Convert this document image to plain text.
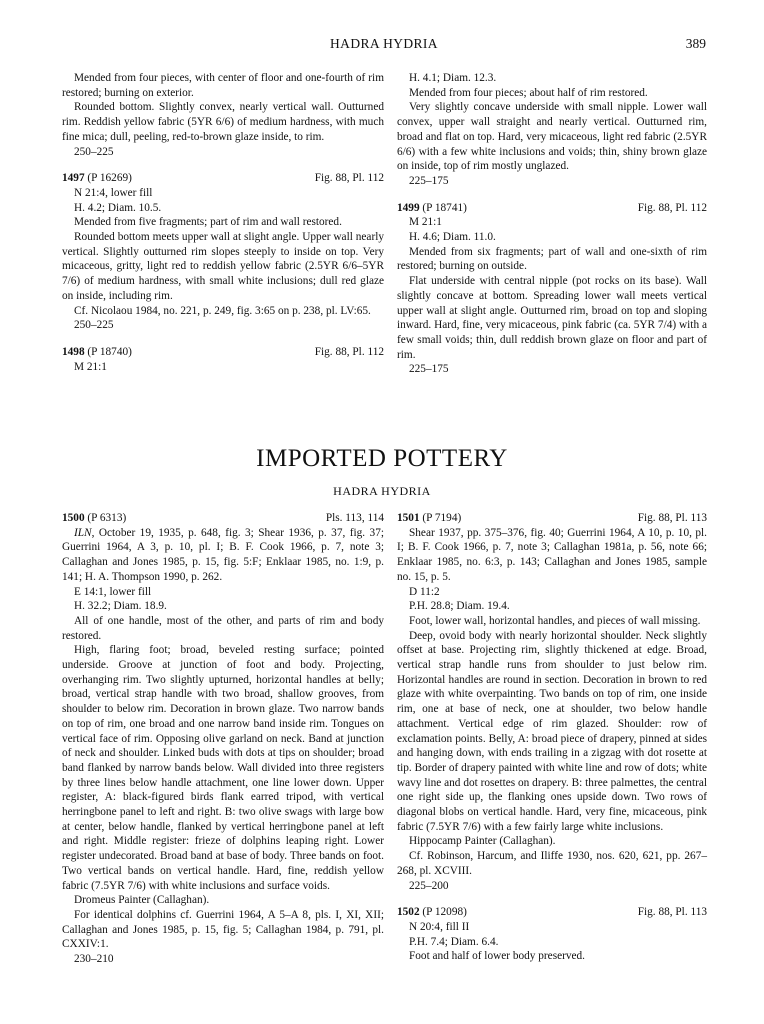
HADRA HYDRIA	389

Mended from four pieces, with center of floor and one-fourth of rim restored; burning on exterior.

Rounded bottom. Slightly convex, nearly vertical wall. Outturned rim. Reddish yellow fabric (5YR 6/6) of medium hardness, with much fine mica; dull, peeling, red-to-brown glaze inside, to rim.

250–225

1497 (P 16269)	Fig. 88, Pl. 112

N 21:4, lower fill

H. 4.2; Diam. 10.5.

Mended from five fragments; part of rim and wall restored.

Rounded bottom meets upper wall at slight angle. Upper wall nearly vertical. Slightly outturned rim slopes steeply to inside on top. Very micaceous, gritty, light red to reddish yellow fabric (2.5YR 6/6–5YR 7/6) of medium hardness, with small white inclusions; dull red glaze on inside, including rim.

Cf. Nicolaou 1984, no. 221, p. 249, fig. 3:65 on p. 238, pl. LV:65.

250–225

1498 (P 18740)	Fig. 88, Pl. 112

M 21:1

H. 4.1; Diam. 12.3.

Mended from four pieces; about half of rim restored.

Very slightly concave underside with small nipple. Lower wall convex, upper wall straight and nearly vertical. Outturned rim, broad and flat on top. Hard, very micaceous, light red fabric (2.5YR 6/6) with a few white inclusions and voids; thin, shiny brown glaze on inside, top of rim mostly unglazed.

225–175

1499 (P 18741)	Fig. 88, Pl. 112

M 21:1

H. 4.6; Diam. 11.0.

Mended from six fragments; part of wall and one-sixth of rim restored; burning on outside.

Flat underside with central nipple (pot rocks on its base). Wall slightly concave at bottom. Spreading lower wall meets vertical upper wall at slight angle. Outturned rim, broad on top and sloping inward. Hard, fine, very micaceous, pink fabric (ca. 5YR 7/4) with a few small voids; thin, dull reddish brown glaze on floor and part of rim.

225–175

IMPORTED POTTERY
HADRA HYDRIA
1500 (P 6313)	Pls. 113, 114

ILN, October 19, 1935, p. 648, fig. 3; Shear 1936, p. 37, fig. 37; Guerrini 1964, A 3, p. 10, pl. I; B. F. Cook 1966, p. 7, note 3; Callaghan and Jones 1985, p. 15, fig. 5:F; Enklaar 1985, no. 1:9, p. 141; H. A. Thompson 1990, p. 262.

E 14:1, lower fill

H. 32.2; Diam. 18.9.

All of one handle, most of the other, and parts of rim and body restored.

High, flaring foot; broad, beveled resting surface; pointed underside. Groove at junction of foot and body. Projecting, overhanging rim. Two slightly upturned, horizontal handles at belly; broad, vertical strap handle with two broad, shallow grooves, from shoulder to below rim. Decoration in brown glaze. Two narrow bands on top of rim, one broad and one narrow band inside rim. Tongues on vertical face of rim. Opposing olive garland on neck. Band at junction of neck and shoulder. Linked buds with dots at tips on shoulder; broad band flanked by narrow bands below. Wall divided into three registers by three lines below handle attachment, one line lower down. Upper register, A: black-figured birds flank earred tripod, with vertical herringbone panel to left and right. B: two olive swags with large bow at center, below handle, flanked by vertical herringbone panel at left and right. Middle register: frieze of dolphins leaping right. Lower register undecorated. Broad band at base of body. Three bands on foot. Two vertical bands on vertical handle. Hard, fine, reddish yellow fabric (7.5YR 7/6) with white inclusions and surface voids.

Dromeus Painter (Callaghan).

For identical dolphins cf. Guerrini 1964, A 5–A 8, pls. I, XI, XII; Callaghan and Jones 1985, p. 15, fig. 5; Callaghan 1984, p. 791, pl. CXXIV:1.

230–210

1501 (P 7194)	Fig. 88, Pl. 113

Shear 1937, pp. 375–376, fig. 40; Guerrini 1964, A 10, p. 10, pl. I; B. F. Cook 1966, p. 7, note 3; Callaghan 1981a, p. 56, note 66; Enklaar 1985, no. 6:3, p. 143; Callaghan and Jones 1985, sample no. 15, p. 5.

D 11:2

P.H. 28.8; Diam. 19.4.

Foot, lower wall, horizontal handles, and pieces of wall missing.

Deep, ovoid body with nearly horizontal shoulder. Neck slightly offset at base. Projecting rim, slightly thickened at edge. Broad, vertical strap handle runs from shoulder to just below rim. Horizontal handles are round in section. Decoration in brown to red glaze with white overpainting. Two bands on top of rim, one inside rim, one at base of neck, one at shoulder, two below handle attachment. Vertical edge of rim glazed. Shoulder: row of exclamation points. Belly, A: broad piece of drapery, pinned at sides and hanging down, with ends trailing in a zigzag with dot rosette at tip. Border of drapery painted with white line and row of dots; white wavy line and dot rosettes on drapery. B: three palmettes, the central one right side up, the flanking ones upside down. Two rows of diagonal blobs on vertical handle. Hard, very fine, micaceous, pink fabric (7.5YR 7/6) with a few fairly large white inclusions.

Hippocamp Painter (Callaghan).

Cf. Robinson, Harcum, and Iliffe 1930, nos. 620, 621, pp. 267–268, pl. XCVIII.

225–200

1502 (P 12098)	Fig. 88, Pl. 113

N 20:4, fill II

P.H. 7.4; Diam. 6.4.

Foot and half of lower body preserved.
